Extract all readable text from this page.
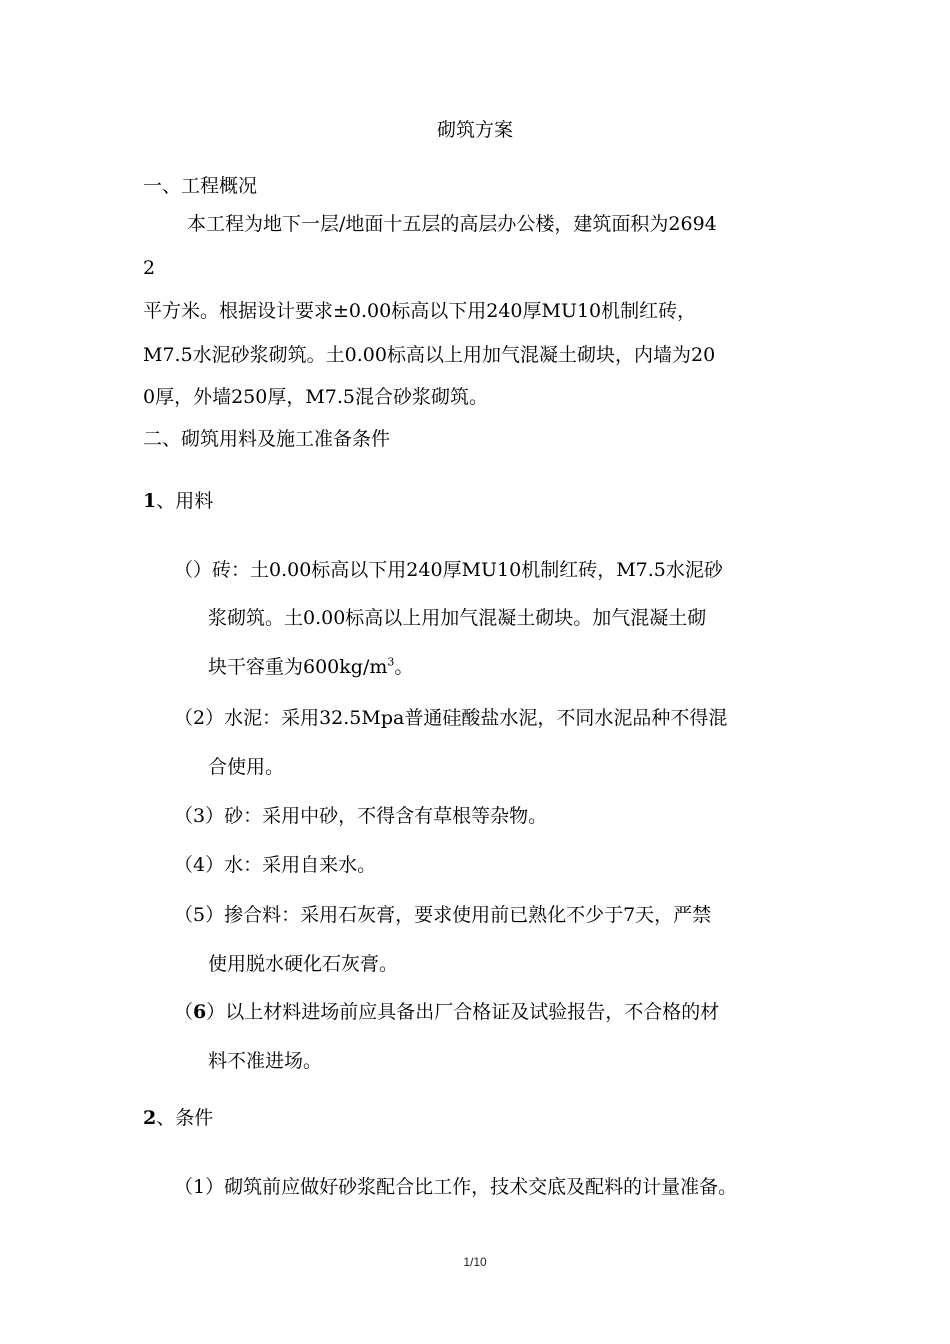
砌筑方案
一、工程概况
本工程为地下一层/地面十五层的高层办公楼，建筑面积为2694
2
平方米。根据设计要求±0.00标高以下用240厚MU10机制红砖，
M7.5水泥砂浆砌筑。土0.00标高以上用加气混凝土砌块，内墙为20
0厚，外墙250厚，M7.5混合砂浆砌筑。
二、砌筑用料及施工准备条件
1、用料
（）砖：土0.00标高以下用240厚MU10机制红砖，M7.5水泥砂
浆砌筑。土0.00标高以上用加气混凝土砌块。加气混凝土砌
块干容重为$600kg/m^3$。
（2）水泥：采用32.5Mpa普通硅酸盐水泥，不同水泥品种不得混
合使用。
（3）砂：采用中砂，不得含有草根等杂物。
（4）水：采用自来水。
（5）掺合料：采用石灰膏，要求使用前已熟化不少于7天，严禁
使用脱水硬化石灰膏。
（6）以上材料进场前应具备出厂合格证及试验报告，不合格的材
料不准进场。
2、条件
（1）砌筑前应做好砂浆配合比工作，技术交底及配料的计量准备。
1/10
